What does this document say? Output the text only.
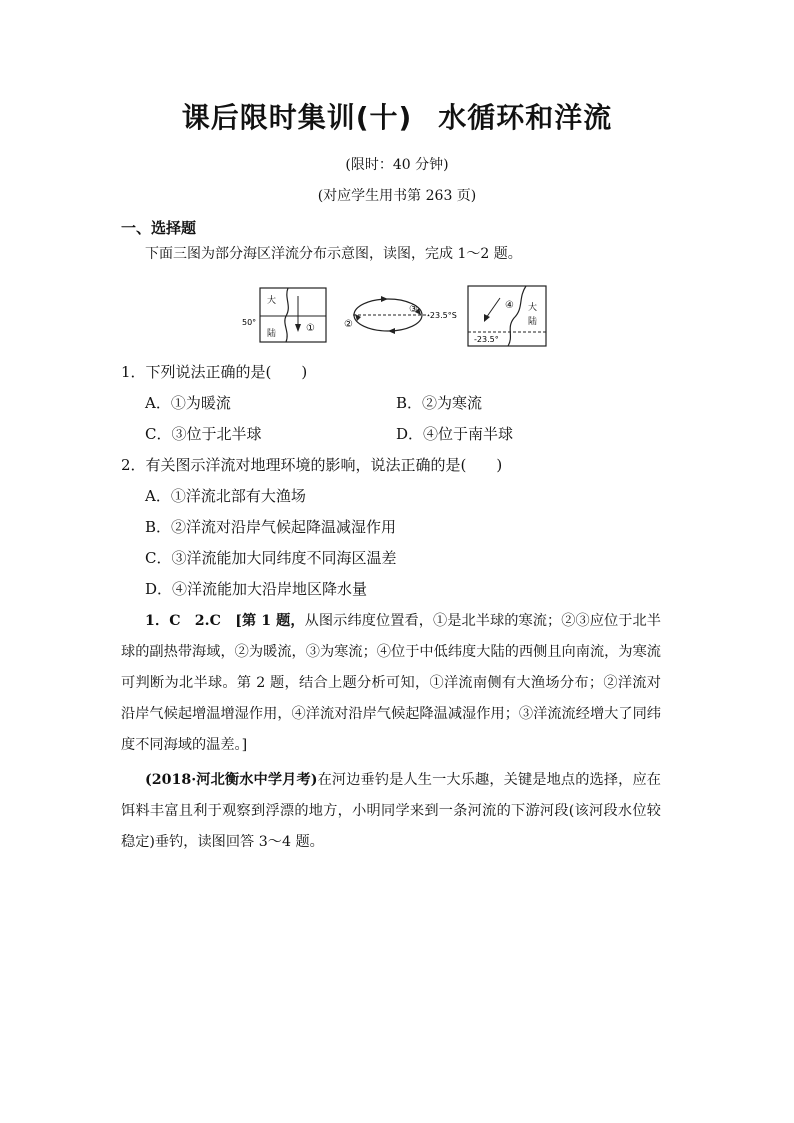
课后限时集训(十) 水循环和洋流
(限时：40 分钟)
(对应学生用书第 263 页)
一、选择题
下面三图为部分海区洋流分布示意图，读图，完成 1～2 题。
大
陆	①
50°
③
②
-23.5°S
④ 大
陆
-23.5°
1．下列说法正确的是(　　)
A．①为暖流	B．②为寒流
C．③位于北半球	D．④位于南半球
2．有关图示洋流对地理环境的影响，说法正确的是(　　)
A．①洋流北部有大渔场
B．②洋流对沿岸气候起降温减湿作用
C．③洋流能加大同纬度不同海区温差
D．④洋流能加大沿岸地区降水量
1．C　2.C　[第 1 题，从图示纬度位置看，①是北半球的寒流；②③应位于北半球的副热带海域，②为暖流，③为寒流；④位于中低纬度大陆的西侧且向南流，为寒流可判断为北半球。第 2 题，结合上题分析可知，①洋流南侧有大渔场分布；②洋流对沿岸气候起增温增湿作用，④洋流对沿岸气候起降温减湿作用；③洋流流经增大了同纬度不同海域的温差。]
(2018·河北衡水中学月考)在河边垂钓是人生一大乐趣，关键是地点的选择，应在饵料丰富且利于观察到浮漂的地方，小明同学来到一条河流的下游河段(该河段水位较稳定)垂钓，读图回答 3～4 题。
